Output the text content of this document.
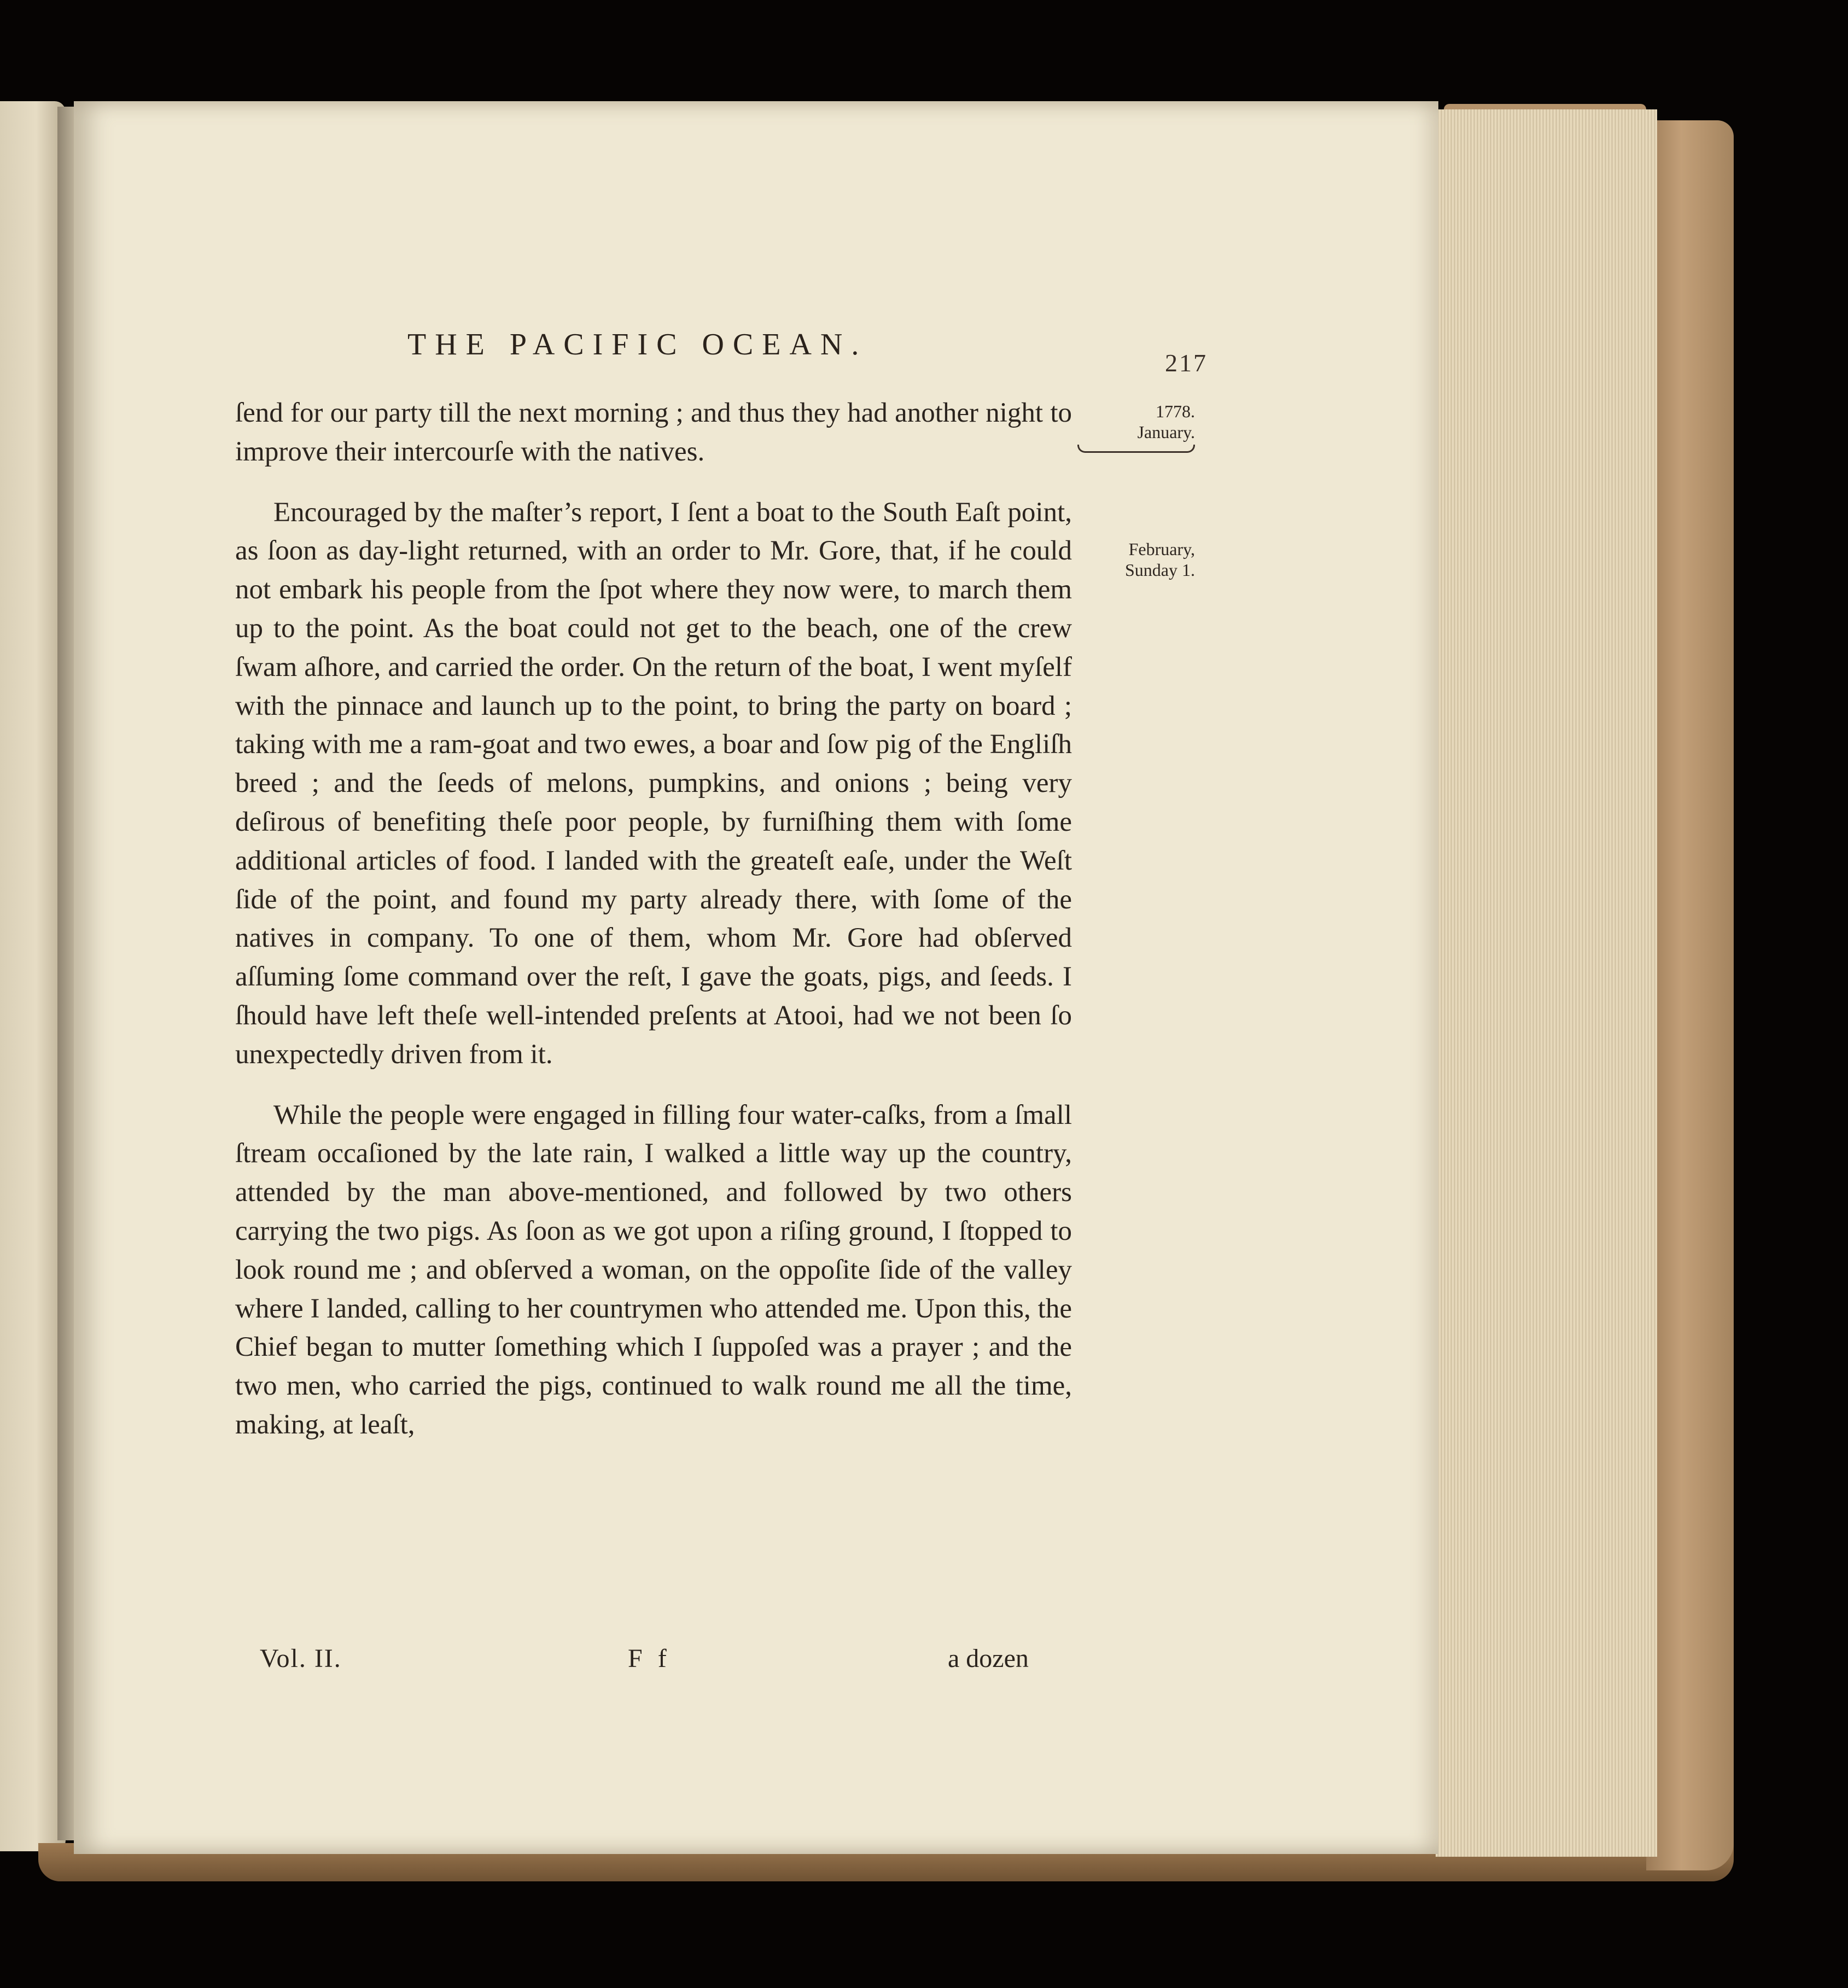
THE PACIFIC OCEAN.
217
1778.
January.
February,
Sunday 1.

ſend for our party till the next morning ; and thus they had another night to improve their intercourſe with the natives.

Encouraged by the maſter’s report, I ſent a boat to the South Eaſt point, as ſoon as day-light returned, with an order to Mr. Gore, that, if he could not embark his people from the ſpot where they now were, to march them up to the point. As the boat could not get to the beach, one of the crew ſwam aſhore, and carried the order. On the return of the boat, I went myſelf with the pinnace and launch up to the point, to bring the party on board ; taking with me a ram-goat and two ewes, a boar and ſow pig of the Engliſh breed ; and the ſeeds of melons, pumpkins, and onions ; being very deſirous of benefiting theſe poor people, by furniſhing them with ſome additional articles of food. I landed with the greateſt eaſe, under the Weſt ſide of the point, and found my party already there, with ſome of the natives in company. To one of them, whom Mr. Gore had obſerved aſſuming ſome command over the reſt, I gave the goats, pigs, and ſeeds. I ſhould have left theſe well-intended preſents at Atooi, had we not been ſo unexpectedly driven from it.

While the people were engaged in filling four water-caſks, from a ſmall ſtream occaſioned by the late rain, I walked a little way up the country, attended by the man above-mentioned, and followed by two others carrying the two pigs. As ſoon as we got upon a riſing ground, I ſtopped to look round me ; and obſerved a woman, on the oppoſite ſide of the valley where I landed, calling to her countrymen who attended me. Upon this, the Chief began to mutter ſomething which I ſuppoſed was a prayer ; and the two men, who carried the pigs, continued to walk round me all the time, making, at leaſt,

Vol. II.	F f	a dozen
